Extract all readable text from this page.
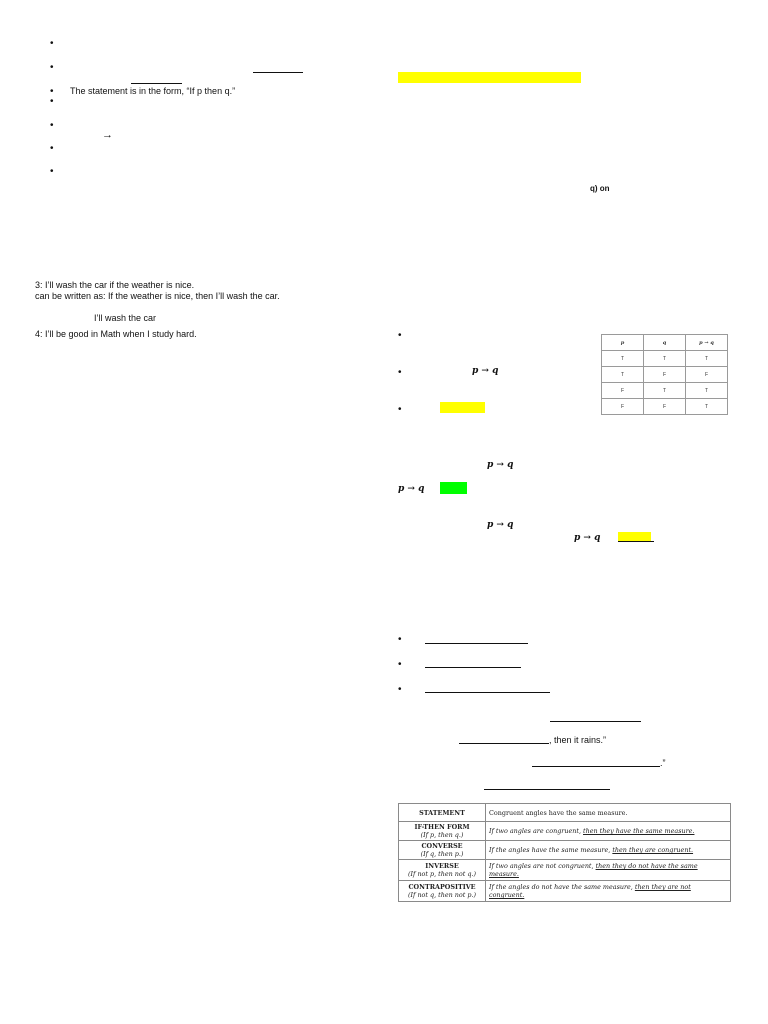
•
•
• The statement is in the form, “If p then q.”
•
•
→
•
•
3: I’ll wash the car if the weather is nice.
can be written as: If the weather is nice, then I’ll wash the car.
I’ll wash the car
4: I’ll be good in Math when I study hard.
q) on
•
•	p → q
•
p	q	p → q
T	T	T
T	F	F
F	T	T
F	F	T
p → q
p → q
p → q
p → q
•
•
•
, then it rains.”
.”
STATEMENT	Congruent angles have the same measure.

IF-THEN FORM
(If p, then q.)	If two angles are congruent, then they have the same measure.

CONVERSE
(If q, then p.)	If the angles have the same measure, then they are congruent.

INVERSE
(If not p, then not q.)	If two angles are not congruent, then they do not have the same measure.

CONTRAPOSITIVE
(If not q, then not p.)	If the angles do not have the same measure, then they are not congruent.
